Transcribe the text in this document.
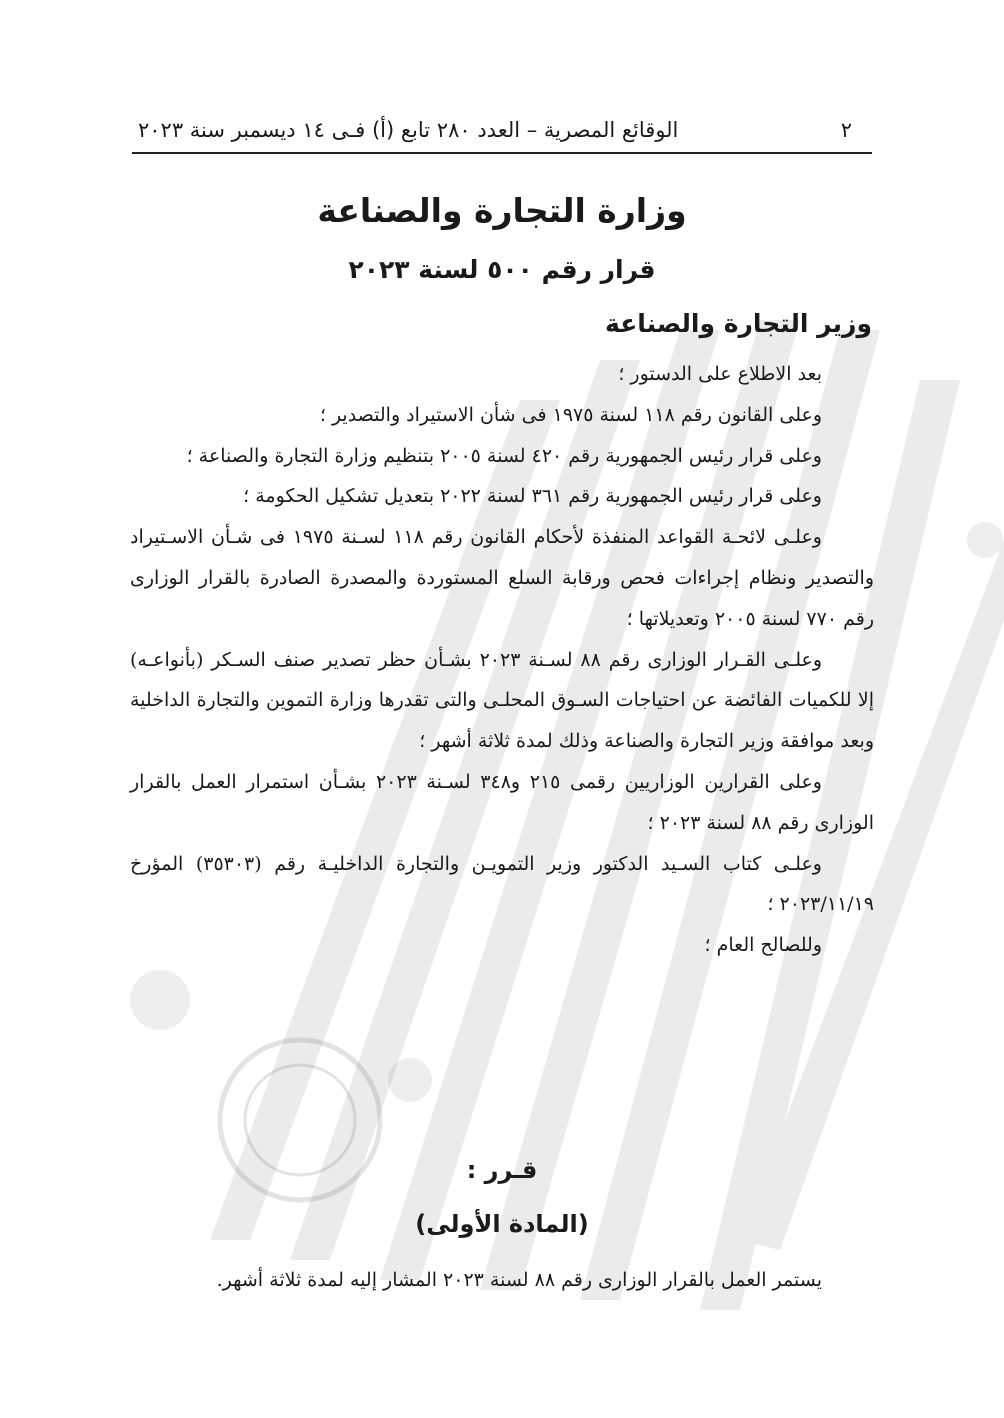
٢
الوقائع المصرية – العدد ٢٨٠ تابع (أ) فـى ١٤ ديسمبر سنة ٢٠٢٣
وزارة التجارة والصناعة
قرار رقم ٥٠٠ لسنة ٢٠٢٣
وزير التجارة والصناعة

بعد الاطلاع على الدستور ؛

وعلى القانون رقم ١١٨ لسنة ١٩٧٥ فى شأن الاستيراد والتصدير ؛

وعلى قرار رئيس الجمهورية رقم ٤٢٠ لسنة ٢٠٠٥ بتنظيم وزارة التجارة والصناعة ؛

وعلى قرار رئيس الجمهورية رقم ٣٦١ لسنة ٢٠٢٢ بتعديل تشكيل الحكومة ؛

وعلـى لائحـة القواعد المنفذة لأحكام القانون رقم ١١٨ لسـنة ١٩٧٥ فى شـأن الاسـتيراد والتصدير ونظام إجراءات فحص ورقابة السلع المستوردة والمصدرة الصادرة بالقرار الوزارى رقم ٧٧٠ لسنة ٢٠٠٥ وتعديلاتها ؛

وعلـى القـرار الوزارى رقم ٨٨ لسـنة ٢٠٢٣ بشـأن حظر تصدير صنف السـكر (بأنواعـه) إلا للكميات الفائضة عن احتياجات السـوق المحلـى والتى تقدرها وزارة التموين والتجارة الداخلية وبعد موافقة وزير التجارة والصناعة وذلك لمدة ثلاثة أشهر ؛

وعلى القرارين الوزاريين رقمى ٢١٥ و٣٤٨ لسـنة ٢٠٢٣ بشـأن استمرار العمل بالقرار الوزارى رقم ٨٨ لسنة ٢٠٢٣ ؛

وعلـى كتاب السـيد الدكتور وزير التمويـن والتجارة الداخليـة رقم (٣٥٣٠٣) المؤرخ ٢٠٢٣/١١/١٩ ؛

وللصالح العام ؛

قـرر :
(المادة الأولى)
يستمر العمل بالقرار الوزارى رقم ٨٨ لسنة ٢٠٢٣ المشار إليه لمدة ثلاثة أشهر.
